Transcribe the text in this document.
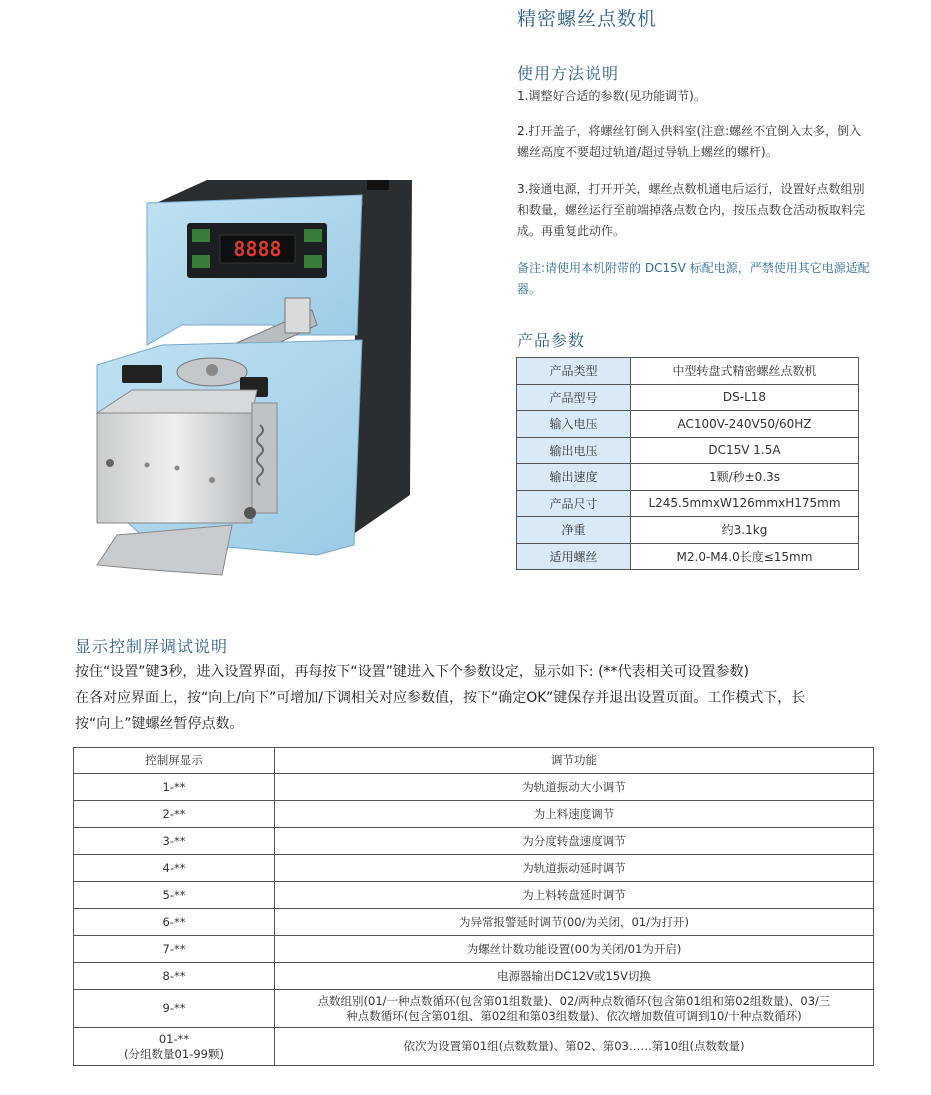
精密螺丝点数机
使用方法说明
1.调整好合适的参数(见功能调节)。
2.打开盖子，将螺丝钉倒入供料室(注意:螺丝不宜倒入太多，倒入螺丝高度不要超过轨道/超过导轨上螺丝的螺杆)。
3.接通电源，打开开关，螺丝点数机通电后运行，设置好点数组别和数量，螺丝运行至前端掉落点数仓内，按压点数仓活动板取料完成。再重复此动作。
备注:请使用本机附带的 DC15V 标配电源，严禁使用其它电源适配器。
8888
产品参数
产品类型	中型转盘式精密螺丝点数机
产品型号	DS-L18
输入电压	AC100V-240V50/60HZ
输出电压	DC15V 1.5A
输出速度	1颗/秒±0.3s
产品尺寸	L245.5mmxW126mmxH175mm
净重	约3.1kg
适用螺丝	M2.0-M4.0长度≤15mm
显示控制屏调试说明
按住“设置”键3秒，进入设置界面，再每按下“设置”键进入下个参数设定，显示如下: (**代表相关可设置参数)
在各对应界面上，按“向上/向下”可增加/下调相关对应参数值，按下“确定OK”键保存并退出设置页面。工作模式下，长
按“向上”键螺丝暂停点数。
控制屏显示	调节功能
1-**	为轨道振动大小调节
2-**	为上料速度调节
3-**	为分度转盘速度调节
4-**	为轨道振动延时调节
5-**	为上料转盘延时调节
6-**	为异常报警延时调节(00/为关闭，01/为打开)
7-**	为螺丝计数功能设置(00为关闭/01为开启)
8-**	电源器输出DC12V或15V切换
9-**	点数组别(01/一种点数循环(包含第01组数量)、02/两种点数循环(包含第01组和第02组数量)、03/三种点数循环(包含第01组、第02组和第03组数量)、依次增加数值可调到10/十种点数循环)

01-**
(分组数量01-99颗)	依次为设置第01组(点数数量)、第02、第03……第10组(点数数量)
